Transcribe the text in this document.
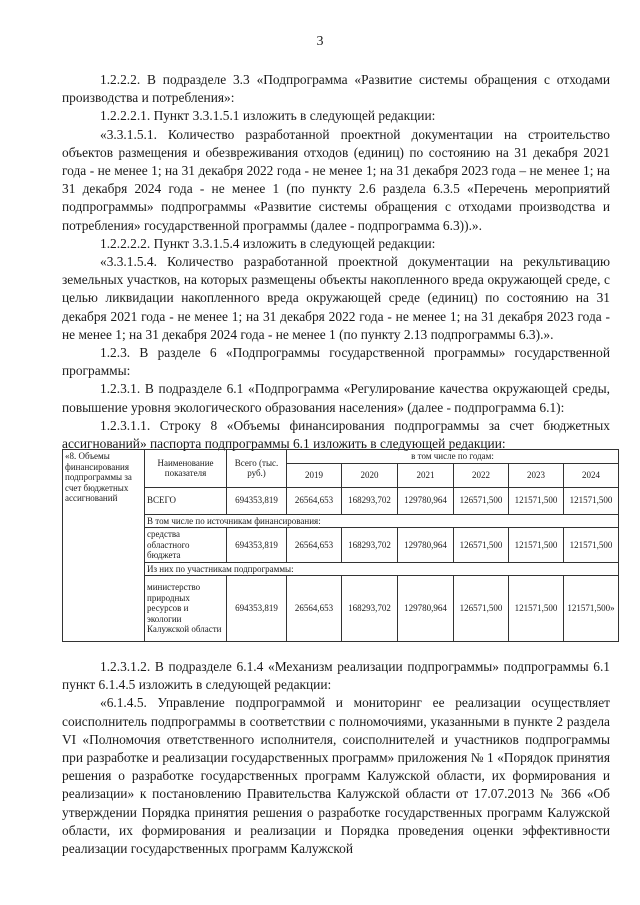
3

1.2.2.2. В подразделе 3.3 «Подпрограмма «Развитие системы обращения с отходами производства и потребления»:

1.2.2.2.1. Пункт 3.3.1.5.1 изложить в следующей редакции:

«3.3.1.5.1. Количество разработанной проектной документации на строительство объектов размещения и обезвреживания отходов (единиц) по состоянию на 31 декабря 2021 года - не менее 1; на 31 декабря 2022 года - не менее 1; на 31 декабря 2023 года – не менее 1; на 31 декабря 2024 года - не менее 1 (по пункту 2.6 раздела 6.3.5 «Перечень мероприятий подпрограммы» подпрограммы «Развитие системы обращения с отходами производства и потребления» государственной программы (далее - подпрограмма 6.3)).».

1.2.2.2.2. Пункт 3.3.1.5.4 изложить в следующей редакции:

«3.3.1.5.4. Количество разработанной проектной документации на рекультивацию земельных участков, на которых размещены объекты накопленного вреда окружающей среде, с целью ликвидации накопленного вреда окружающей среде (единиц) по состоянию на 31 декабря 2021 года - не менее 1; на 31 декабря 2022 года - не менее 1; на 31 декабря 2023 года - не менее 1; на 31 декабря 2024 года - не менее 1 (по пункту 2.13 подпрограммы 6.3).».

1.2.3. В разделе 6 «Подпрограммы государственной программы» государственной программы:

1.2.3.1. В подразделе 6.1 «Подпрограмма «Регулирование качества окружающей среды, повышение уровня экологического образования населения» (далее - подпрограмма 6.1):

1.2.3.1.1. Строку 8 «Объемы финансирования подпрограммы за счет бюджетных ассигнований» паспорта подпрограммы 6.1 изложить в следующей редакции:

«8. Объемы финансирования подпрограммы за счет бюджетных ассигнований	Наименование показателя	Всего (тыс. руб.)	в том числе по годам:					
			2019	2020	2021	2022	2023	2024
	ВСЕГО	694353,819	26564,653	168293,702	129780,964	126571,500	121571,500	121571,500
	В том числе по источникам финансирования:							
	средства областного бюджета	694353,819	26564,653	168293,702	129780,964	126571,500	121571,500	121571,500
	Из них по участникам подпрограммы:							
	министерство природных ресурсов и экологии Калужской области	694353,819	26564,653	168293,702	129780,964	126571,500	121571,500	121571,500»

1.2.3.1.2. В подразделе 6.1.4 «Механизм реализации подпрограммы» подпрограммы 6.1 пункт 6.1.4.5 изложить в следующей редакции:

«6.1.4.5. Управление подпрограммой и мониторинг ее реализации осуществляет соисполнитель подпрограммы в соответствии с полномочиями, указанными в пункте 2 раздела VI «Полномочия ответственного исполнителя, соисполнителей и участников подпрограммы при разработке и реализации государственных программ» приложения № 1 «Порядок принятия решения о разработке государственных программ Калужской области, их формирования и реализации» к постановлению Правительства Калужской области от 17.07.2013 № 366 «Об утверждении Порядка принятия решения о разработке государственных программ Калужской области, их формирования и реализации и Порядка проведения оценки эффективности реализации государственных программ Калужской
